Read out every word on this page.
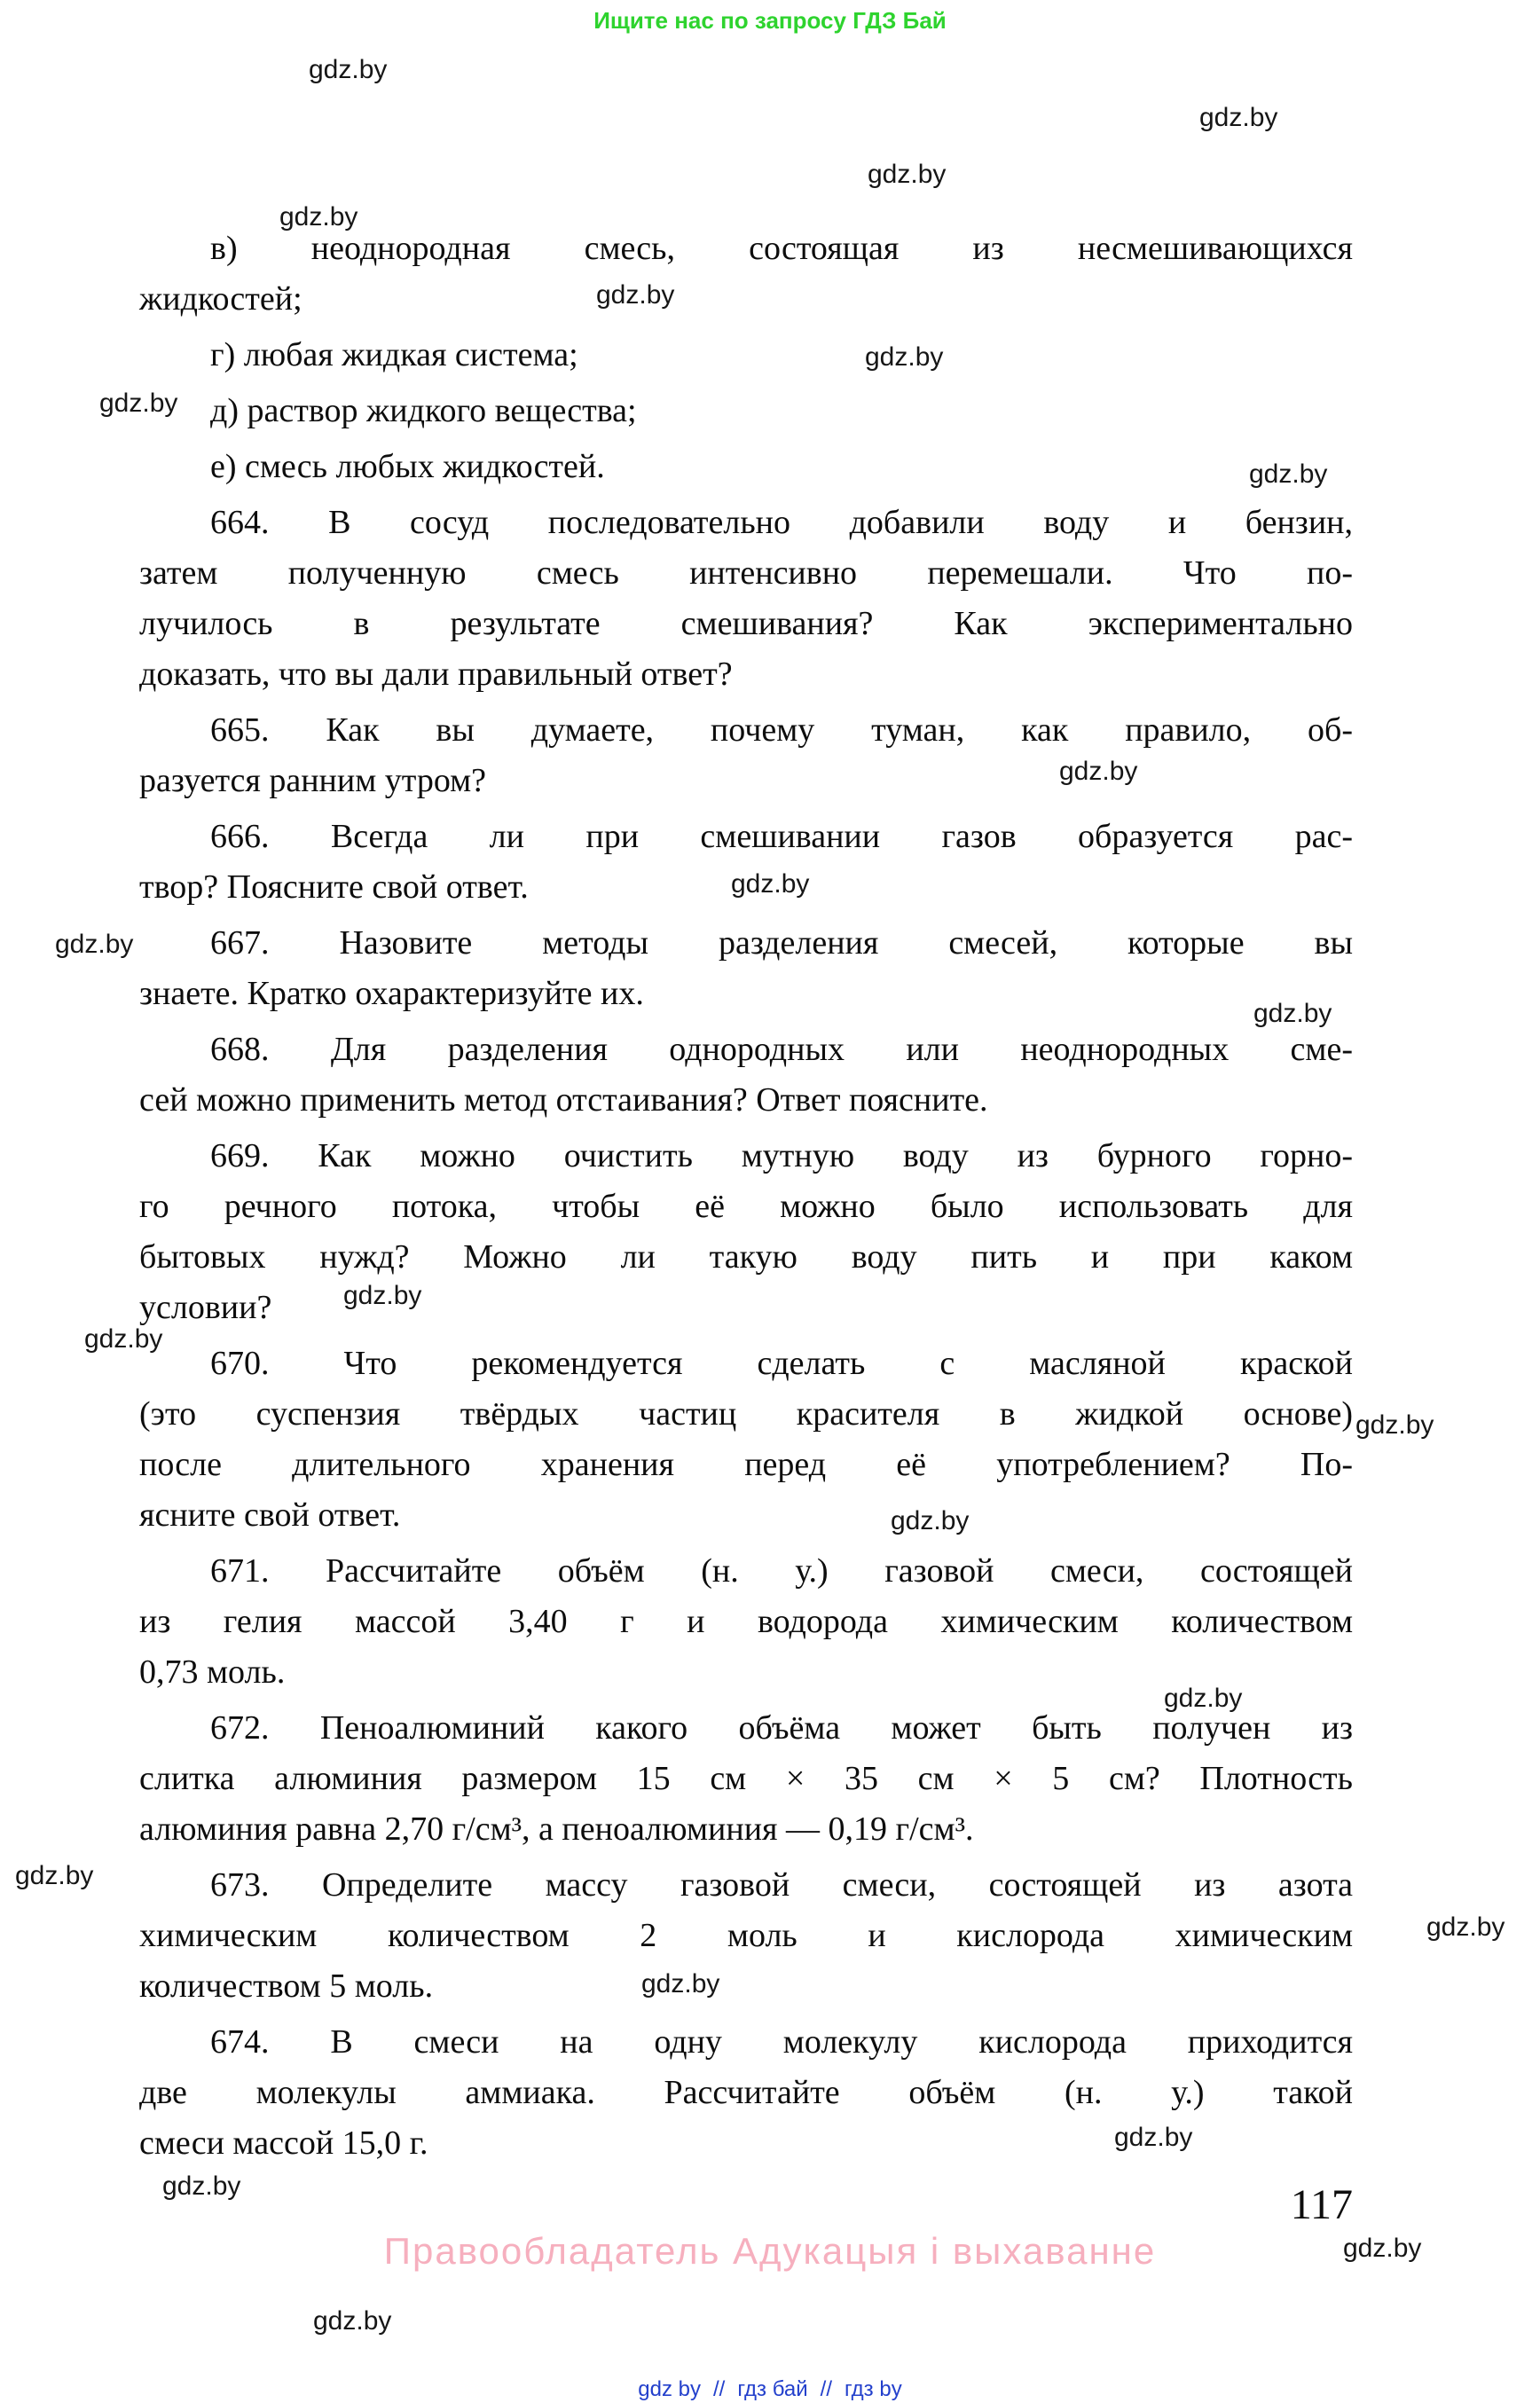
Ищите нас по запросу ГДЗ Бай
gdz.by
gdz.by
gdz.by
gdz.by
gdz.by
gdz.by
gdz.by
gdz.by
gdz.by
gdz.by
gdz.by
gdz.by
gdz.by
gdz.by
gdz.by
gdz.by
gdz.by
gdz.by
gdz.by
gdz.by
gdz.by
gdz.by
gdz.by
gdz.by
в) неоднородная смесь, состоящая из несмешивающихся
жидкостей;
г) любая жидкая система;
д) раствор жидкого вещества;
е) смесь любых жидкостей.
664. В сосуд последовательно добавили воду и бензин,
затем полученную смесь интенсивно перемешали. Что по-
лучилось в результате смешивания? Как экспериментально
доказать, что вы дали правильный ответ?
665. Как вы думаете, почему туман, как правило, об-
разуется ранним утром?
666. Всегда ли при смешивании газов образуется рас-
твор? Поясните свой ответ.
667. Назовите методы разделения смесей, которые вы
знаете. Кратко охарактеризуйте их.
668. Для разделения однородных или неоднородных сме-
сей можно применить метод отстаивания? Ответ поясните.
669. Как можно очистить мутную воду из бурного горно-
го речного потока, чтобы её можно было использовать для
бытовых нужд? Можно ли такую воду пить и при каком
условии?
670. Что рекомендуется сделать с масляной краской
(это суспензия твёрдых частиц красителя в жидкой основе)
после длительного хранения перед её употреблением? По-
ясните свой ответ.
671. Рассчитайте объём (н. у.) газовой смеси, состоящей
из гелия массой 3,40 г и водорода химическим количеством
0,73 моль.
672. Пеноалюминий какого объёма может быть получен из
слитка алюминия размером 15 см × 35 см × 5 см? Плотность
алюминия равна 2,70 г/см³, а пеноалюминия — 0,19 г/см³.
673. Определите массу газовой смеси, состоящей из азота
химическим количеством 2 моль и кислорода химическим
количеством 5 моль.
674. В смеси на одну молекулу кислорода приходится
две молекулы аммиака. Рассчитайте объём (н. у.) такой
смеси массой 15,0 г.
117
Правообладатель Адукацыя і выхаванне
gdz by // гдз бай // гдз by
